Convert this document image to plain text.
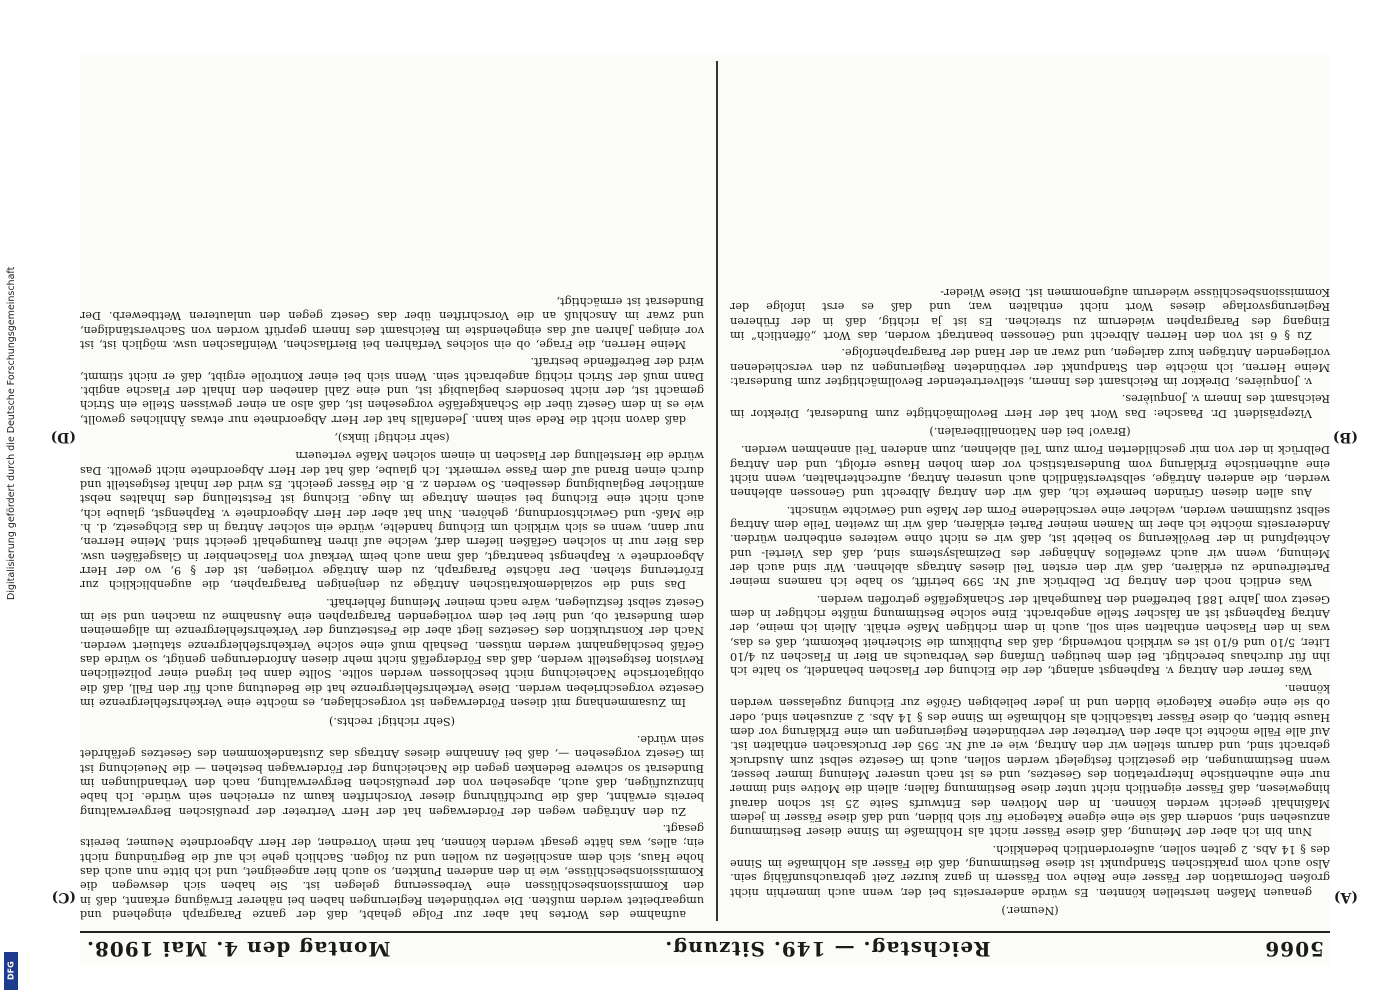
5066
Reichstag. — 149. Sitzung.
Montag den 4. Mai 1908.

(Neumer.)

genauen Maßen herstellen könnten. Es würde andererseits bei der, wenn auch immerhin nicht großen Deformation der Fässer eine Reihe von Fässern in ganz kurzer Zeit gebrauchsunfähig sein. Also auch vom praktischen Standpunkt ist diese Bestimmung, daß die Fässer als Hohlmaße im Sinne des § 14 Abs. 2 gelten sollen, außerordentlich bedenklich.

Nun bin ich aber der Meinung, daß diese Fässer nicht als Hohlmaße im Sinne dieser Bestimmung anzusehen sind, sondern daß sie eine eigene Kategorie für sich bilden, und daß diese Fässer in jedem Maßinhalt geeicht werden können. In den Motiven des Entwurfs Seite 25 ist schon darauf hingewiesen, daß Fässer eigentlich nicht unter diese Bestimmung fallen; allein die Motive sind immer nur eine authentische Interpretation des Gesetzes, und es ist nach unserer Meinung immer besser, wenn Bestimmungen, die gesetzlich festgelegt werden sollen, auch im Gesetze selbst zum Ausdruck gebracht sind, und darum stellen wir den Antrag, wie er auf Nr. 595 der Drucksachen enthalten ist. Auf alle Fälle möchte ich aber den Vertreter der verbündeten Regierungen um eine Erklärung vor dem Hause bitten, ob diese Fässer tatsächlich als Hohlmaße im Sinne des § 14 Abs. 2 anzusehen sind, oder ob sie eine eigene Kategorie bilden und in jeder beliebigen Größe zur Eichung zugelassen werden können.

Was ferner den Antrag v. Raphengst anlangt, der die Eichung der Flaschen behandelt, so halte ich ihn für durchaus berechtigt. Bei dem heutigen Umfang des Verbrauchs an Bier in Flaschen zu 4/10 Liter, 5/10 und 6/10 ist es wirklich notwendig, daß das Publikum die Sicherheit bekommt, daß es das, was in den Flaschen enthalten sein soll, auch in dem richtigen Maße erhält. Allein ich meine, der Antrag Raphengst ist an falscher Stelle angebracht. Eine solche Bestimmung müßte richtiger in dem Gesetz vom Jahre 1881 betreffend den Raumgehalt der Schankgefäße getroffen werden.

Was endlich noch den Antrag Dr. Delbrück auf Nr. 599 betrifft, so habe ich namens meiner Parteifreunde zu erklären, daß wir den ersten Teil dieses Antrags ablehnen. Wir sind auch der Meinung, wenn wir auch zweifellos Anhänger des Dezimalsystems sind, daß das Viertel- und Achtelpfund in der Bevölkerung so beliebt ist, daß wir es nicht ohne weiteres entbehren würden. Andererseits möchte ich aber im Namen meiner Partei erklären, daß wir im zweiten Teile dem Antrag selbst zustimmen werden, welcher eine verschiedene Form der Maße und Gewichte wünscht.

Aus allen diesen Gründen bemerke ich, daß wir den Antrag Albrecht und Genossen ablehnen werden, die anderen Anträge, selbstverständlich auch unseren Antrag, aufrechterhalten, wenn nicht eine authentische Erklärung vom Bundesratstisch vor dem hohen Hause erfolgt, und den Antrag Delbrück in der von mir geschilderten Form zum Teil ablehnen, zum anderen Teil annehmen werden.

(Bravo! bei den Nationalliberalen.)

Vizepräsident Dr. Paasche: Das Wort hat der Herr Bevollmächtigte zum Bundesrat, Direktor im Reichsamt des Innern v. Jonquières.

v. Jonquières, Direktor im Reichsamt des Innern, stellvertretender Bevollmächtigter zum Bundesrat: Meine Herren, ich möchte den Standpunkt der verbündeten Regierungen zu den verschiedenen vorliegenden Anträgen kurz darlegen, und zwar an der Hand der Paragraphenfolge.

Zu § 6 ist von den Herren Albrecht und Genossen beantragt worden, das Wort „öffentlich“ im Eingang des Paragraphen wiederum zu streichen. Es ist ja richtig, daß in der früheren Regierungsvorlage dieses Wort nicht enthalten war, und daß es erst infolge der Kommissionsbeschlüsse wiederum aufgenommen ist. Diese Wieder-

aufnahme des Wortes hat aber zur Folge gehabt, daß der ganze Paragraph eingehend und umgearbeitet werden mußten. Die verbündeten Regierungen haben bei näherer Erwägung erkannt, daß in den Kommissionsbeschlüssen eine Verbesserung gelegen ist. Sie haben sich deswegen die Kommissionsbeschlüsse, wie in den anderen Punkten, so auch hier angeeignet, und ich bitte nun auch das hohe Haus, sich dem anschließen zu wollen und zu folgen. Sachlich gehe ich auf die Begründung nicht ein; alles, was hätte gesagt werden können, hat mein Vorredner, der Herr Abgeordnete Neumer, bereits gesagt.

Zu den Anträgen wegen der Förderwagen hat der Herr Vertreter der preußischen Bergverwaltung bereits erwähnt, daß die Durchführung dieser Vorschriften kaum zu erreichen sein würde. Ich habe hinzuzufügen, daß auch, abgesehen von der preußischen Bergverwaltung, nach den Verhandlungen im Bundesrat so schwere Bedenken gegen die Nacheichung der Förderwagen bestehen — die Neueichung ist im Gesetz vorgesehen —, daß bei Annahme dieses Antrags das Zustandekommen des Gesetzes gefährdet sein würde.

(Sehr richtig! rechts.)

Im Zusammenhang mit diesen Förderwagen ist vorgeschlagen, es möchte eine Verkehrsfehlergrenze im Gesetze vorgeschrieben werden. Diese Verkehrsfehlergrenze hat die Bedeutung auch für den Fall, daß die obligatorische Nacheichung nicht beschlossen werden sollte. Sollte dann bei irgend einer polizeilichen Revision festgestellt werden, daß das Fördergefäß nicht mehr diesen Anforderungen genügt, so würde das Gefäß beschlagnahmt werden müssen. Deshalb muß eine solche Verkehrsfehlergrenze statuiert werden. Nach der Konstruktion des Gesetzes liegt aber die Festsetzung der Verkehrsfehlergrenze im allgemeinen dem Bundesrat ob, und hier bei dem vorliegenden Paragraphen eine Ausnahme zu machen und sie im Gesetz selbst festzulegen, wäre nach meiner Meinung fehlerhaft.

Das sind die sozialdemokratischen Anträge zu denjenigen Paragraphen, die augenblicklich zur Erörterung stehen. Der nächste Paragraph, zu dem Anträge vorliegen, ist der § 9, wo der Herr Abgeordnete v. Raphengst beantragt, daß man auch beim Verkauf von Flaschenbier in Glasgefäßen usw. das Bier nur in solchen Gefäßen liefern darf, welche auf ihren Raumgehalt geeicht sind. Meine Herren, nur dann, wenn es sich wirklich um Eichung handelte, würde ein solcher Antrag in das Eichgesetz, d. h. die Maß- und Gewichtsordnung, gehören. Nun hat aber der Herr Abgeordnete v. Raphengst, glaube ich, auch nicht eine Eichung bei seinem Antrage im Auge. Eichung ist Feststellung des Inhaltes nebst amtlicher Beglaubigung desselben. So werden z. B. die Fässer geeicht. Es wird der Inhalt festgestellt und durch einen Brand auf dem Fasse vermerkt. Ich glaube, daß hat der Herr Abgeordnete nicht gewollt. Das würde die Herstellung der Flaschen in einem solchen Maße verteuern

(sehr richtig! links),

daß davon nicht die Rede sein kann. Jedenfalls hat der Herr Abgeordnete nur etwas Ähnliches gewollt, wie es in dem Gesetz über die Schankgefäße vorgesehen ist, daß also an einer gewissen Stelle ein Strich gemacht ist, der nicht besonders beglaubigt ist, und eine Zahl daneben den Inhalt der Flasche angibt. Dann muß der Strich richtig angebracht sein. Wenn sich bei einer Kontrolle ergibt, daß er nicht stimmt, wird der Betreffende bestraft.

Meine Herren, die Frage, ob ein solches Verfahren bei Bierflaschen, Weinflaschen usw. möglich ist, ist vor einigen Jahren auf das eingehendste im Reichsamt des Innern geprüft worden von Sachverständigen, und zwar im Anschluß an die Vorschriften über das Gesetz gegen den unlauteren Wettbewerb. Der Bundesrat ist ermächtigt,

(A)
(B)
(C)
(D)
Digitalisierung gefördert durch die Deutsche Forschungsgemeinschaft
DFG
